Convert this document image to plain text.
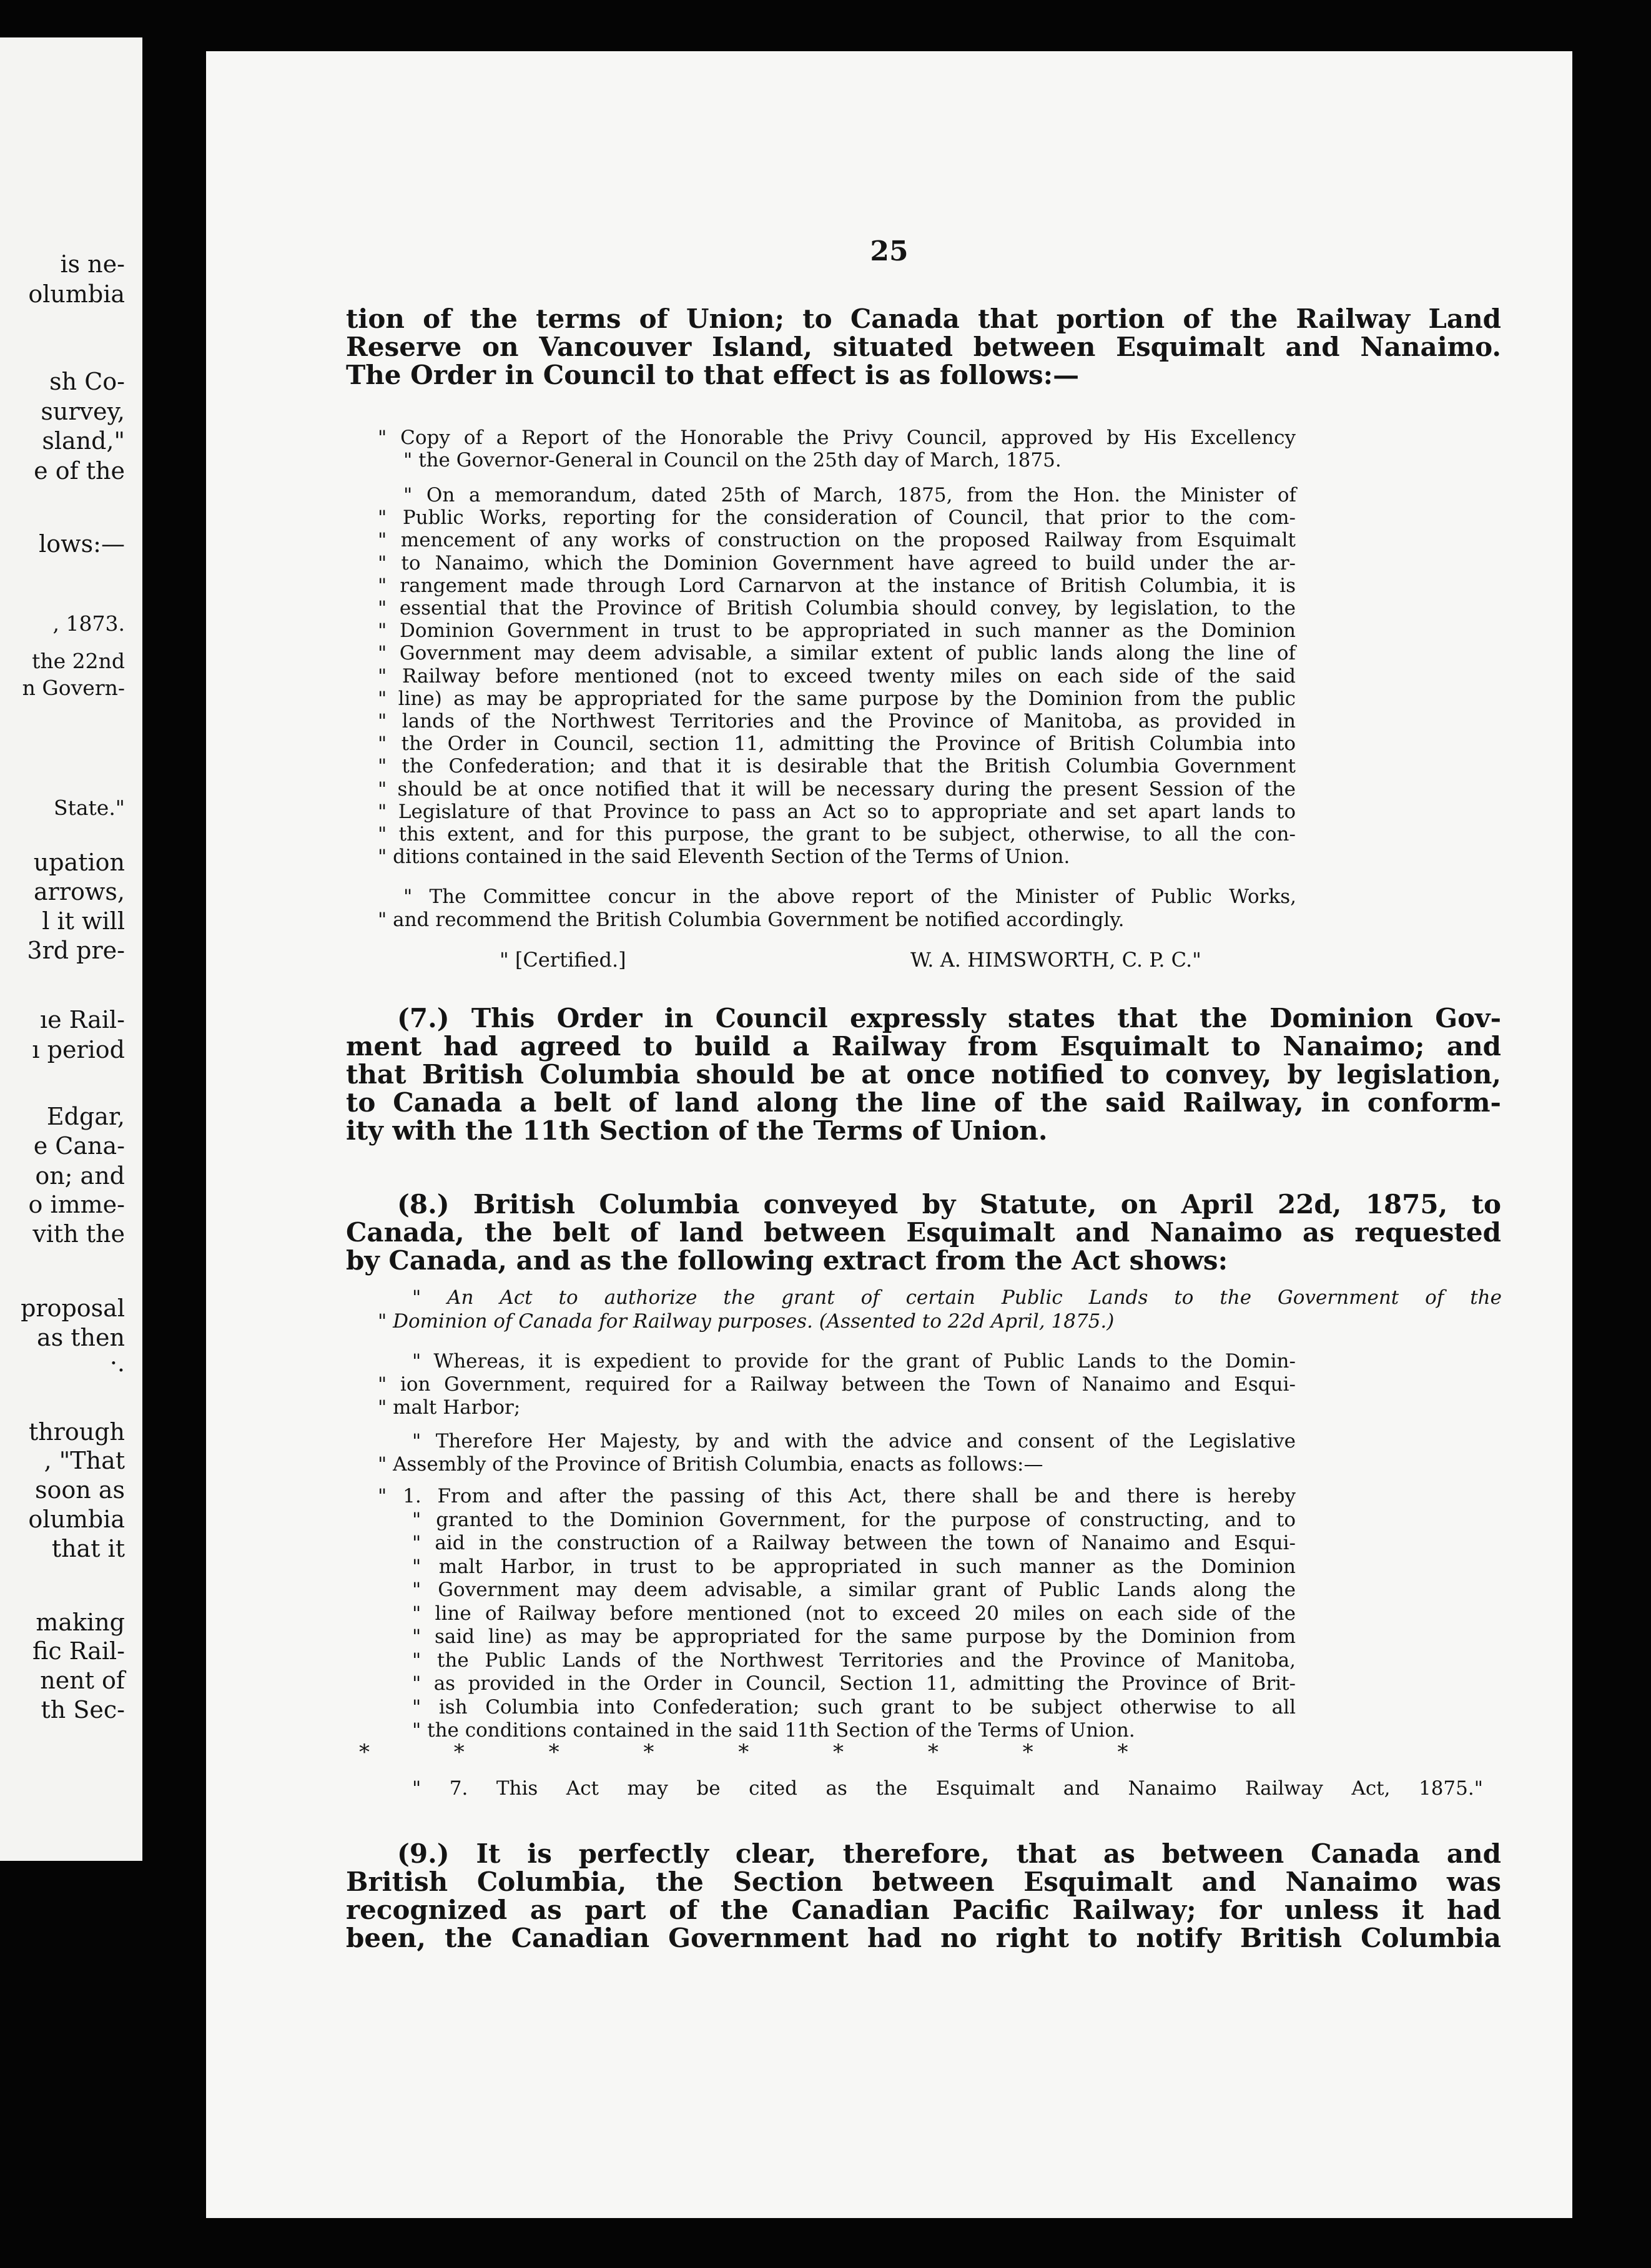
is ne-
olumbia
sh Co-
survey,
sland,"
e of the
lows:—
, 1873.
the 22nd
n Govern-
State."
upation
arrows,
l it will
3rd pre-
ıe Rail-
ı period
Edgar,
e Cana-
on; and
o imme-
vith the
proposal
as then
·.
through
, "That
soon as
olumbia
that it
making
fic Rail-
nent of
th Sec-

25

tion of the terms of Union; to Canada that portion of the Railway Land
Reserve on Vancouver Island, situated between Esquimalt and Nanaimo.
The Order in Council to that effect is as follows:—
" Copy of a Report of the Honorable the Privy Council, approved by His Excellency
" the Governor-General in Council on the 25th day of March, 1875.
" On a memorandum, dated 25th of March, 1875, from the Hon. the Minister of
" Public Works, reporting for the consideration of Council, that prior to the com-
" mencement of any works of construction on the proposed Railway from Esquimalt
" to Nanaimo, which the Dominion Government have agreed to build under the ar-
" rangement made through Lord Carnarvon at the instance of British Columbia, it is
" essential that the Province of British Columbia should convey, by legislation, to the
" Dominion Government in trust to be appropriated in such manner as the Dominion
" Government may deem advisable, a similar extent of public lands along the line of
" Railway before mentioned (not to exceed twenty miles on each side of the said
" line) as may be appropriated for the same purpose by the Dominion from the public
" lands of the Northwest Territories and the Province of Manitoba, as provided in
" the Order in Council, section 11, admitting the Province of British Columbia into
" the Confederation; and that it is desirable that the British Columbia Government
" should be at once notified that it will be necessary during the present Session of the
" Legislature of that Province to pass an Act so to appropriate and set apart lands to
" this extent, and for this purpose, the grant to be subject, otherwise, to all the con-
" ditions contained in the said Eleventh Section of the Terms of Union.
" The Committee concur in the above report of the Minister of Public Works,
" and recommend the British Columbia Government be notified accordingly.
" [Certified.]	W. A. HIMSWORTH, C. P. C."
(7.) This Order in Council expressly states that the Dominion Gov-
ment had agreed to build a Railway from Esquimalt to Nanaimo; and
that British Columbia should be at once notified to convey, by legislation,
to Canada a belt of land along the line of the said Railway, in conform-
ity with the 11th Section of the Terms of Union.
(8.) British Columbia conveyed by Statute, on April 22d, 1875, to
Canada, the belt of land between Esquimalt and Nanaimo as requested
by Canada, and as the following extract from the Act shows:
" An Act to authorize the grant of certain Public Lands to the Government of the
" Dominion of Canada for Railway purposes. (Assented to 22d April, 1875.)
" Whereas, it is expedient to provide for the grant of Public Lands to the Domin-
" ion Government, required for a Railway between the Town of Nanaimo and Esqui-
" malt Harbor;
" Therefore Her Majesty, by and with the advice and consent of the Legislative
" Assembly of the Province of British Columbia, enacts as follows:—
" 1. From and after the passing of this Act, there shall be and there is hereby
" granted to the Dominion Government, for the purpose of constructing, and to
" aid in the construction of a Railway between the town of Nanaimo and Esqui-
" malt Harbor, in trust to be appropriated in such manner as the Dominion
" Government may deem advisable, a similar grant of Public Lands along the
" line of Railway before mentioned (not to exceed 20 miles on each side of the
" said line) as may be appropriated for the same purpose by the Dominion from
" the Public Lands of the Northwest Territories and the Province of Manitoba,
" as provided in the Order in Council, Section 11, admitting the Province of Brit-
" ish Columbia into Confederation; such grant to be subject otherwise to all
" the conditions contained in the said 11th Section of the Terms of Union.
* * * * * * * * *
" 7. This Act may be cited as the Esquimalt and Nanaimo Railway Act, 1875."
(9.) It is perfectly clear, therefore, that as between Canada and
British Columbia, the Section between Esquimalt and Nanaimo was
recognized as part of the Canadian Pacific Railway; for unless it had
been, the Canadian Government had no right to notify British Columbia
